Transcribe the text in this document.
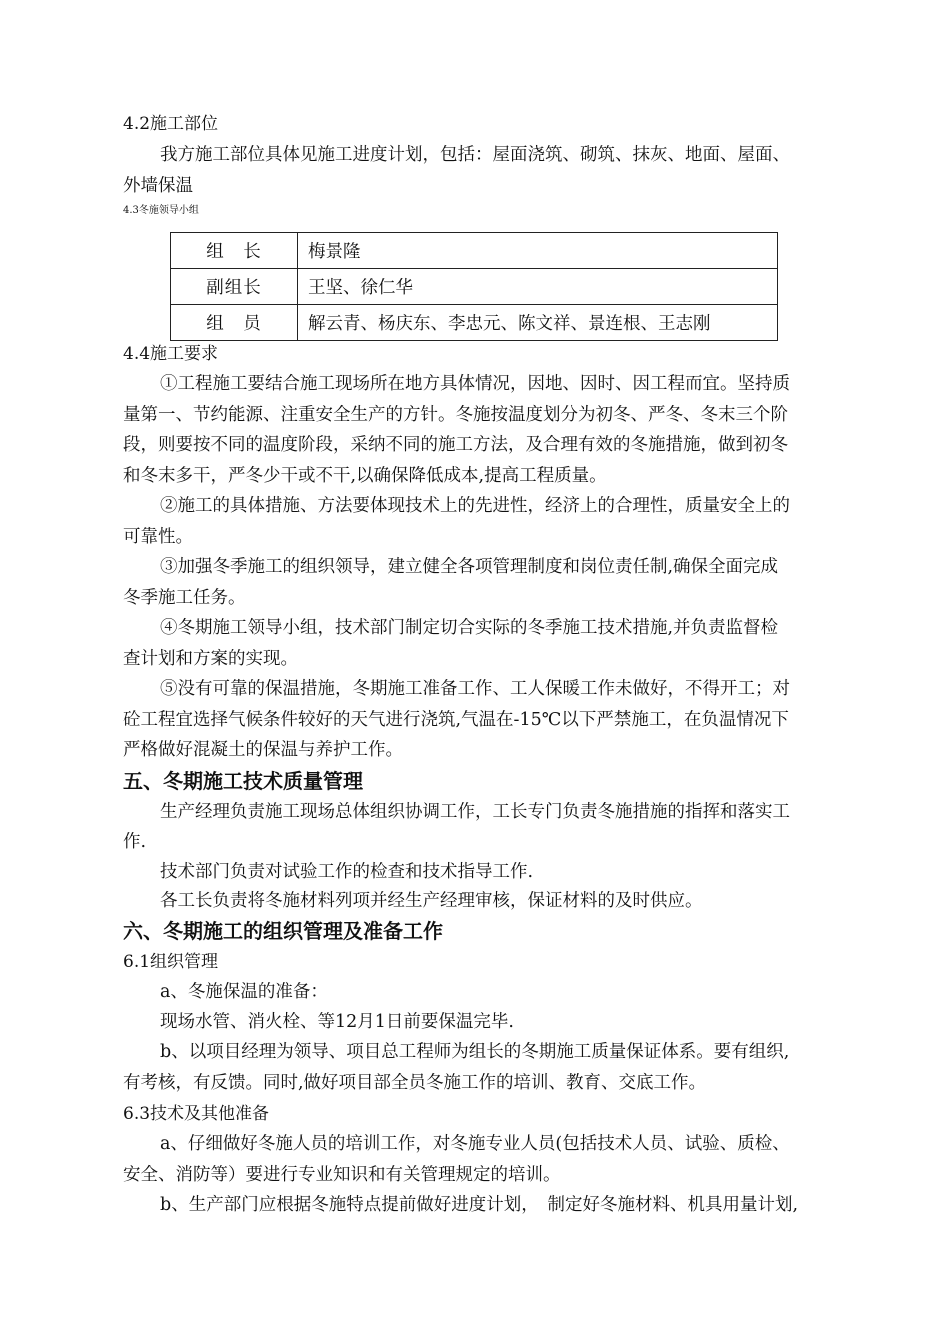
4.2施工部位
我方施工部位具体见施工进度计划，包括：屋面浇筑、砌筑、抹灰、地面、屋面、
外墙保温
4.3冬施领导小组
组　长	梅景隆
副组长	王坚、徐仁华
组　员	解云青、杨庆东、李忠元、陈文祥、景连根、王志刚
4.4施工要求
①工程施工要结合施工现场所在地方具体情况，因地、因时、因工程而宜。坚持质
量第一、节约能源、注重安全生产的方针。冬施按温度划分为初冬、严冬、冬末三个阶
段，则要按不同的温度阶段，采纳不同的施工方法，及合理有效的冬施措施，做到初冬
和冬末多干，严冬少干或不干,以确保降低成本,提高工程质量。
②施工的具体措施、方法要体现技术上的先进性，经济上的合理性，质量安全上的
可靠性。
③加强冬季施工的组织领导，建立健全各项管理制度和岗位责任制,确保全面完成
冬季施工任务。
④冬期施工领导小组，技术部门制定切合实际的冬季施工技术措施,并负责监督检
查计划和方案的实现。
⑤没有可靠的保温措施，冬期施工准备工作、工人保暖工作未做好，不得开工；对
砼工程宜选择气候条件较好的天气进行浇筑,气温在-15℃以下严禁施工，在负温情况下
严格做好混凝土的保温与养护工作。
五、冬期施工技术质量管理
生产经理负责施工现场总体组织协调工作，工长专门负责冬施措施的指挥和落实工
作.
技术部门负责对试验工作的检查和技术指导工作.
各工长负责将冬施材料列项并经生产经理审核，保证材料的及时供应。
六、冬期施工的组织管理及准备工作
6.1组织管理
a、冬施保温的准备：
现场水管、消火栓、等12月1日前要保温完毕.
b、以项目经理为领导、项目总工程师为组长的冬期施工质量保证体系。要有组织,
有考核，有反馈。同时,做好项目部全员冬施工作的培训、教育、交底工作。
6.3技术及其他准备
a、仔细做好冬施人员的培训工作，对冬施专业人员(包括技术人员、试验、质检、
安全、消防等）要进行专业知识和有关管理规定的培训。
b、生产部门应根据冬施特点提前做好进度计划，　制定好冬施材料、机具用量计划,
